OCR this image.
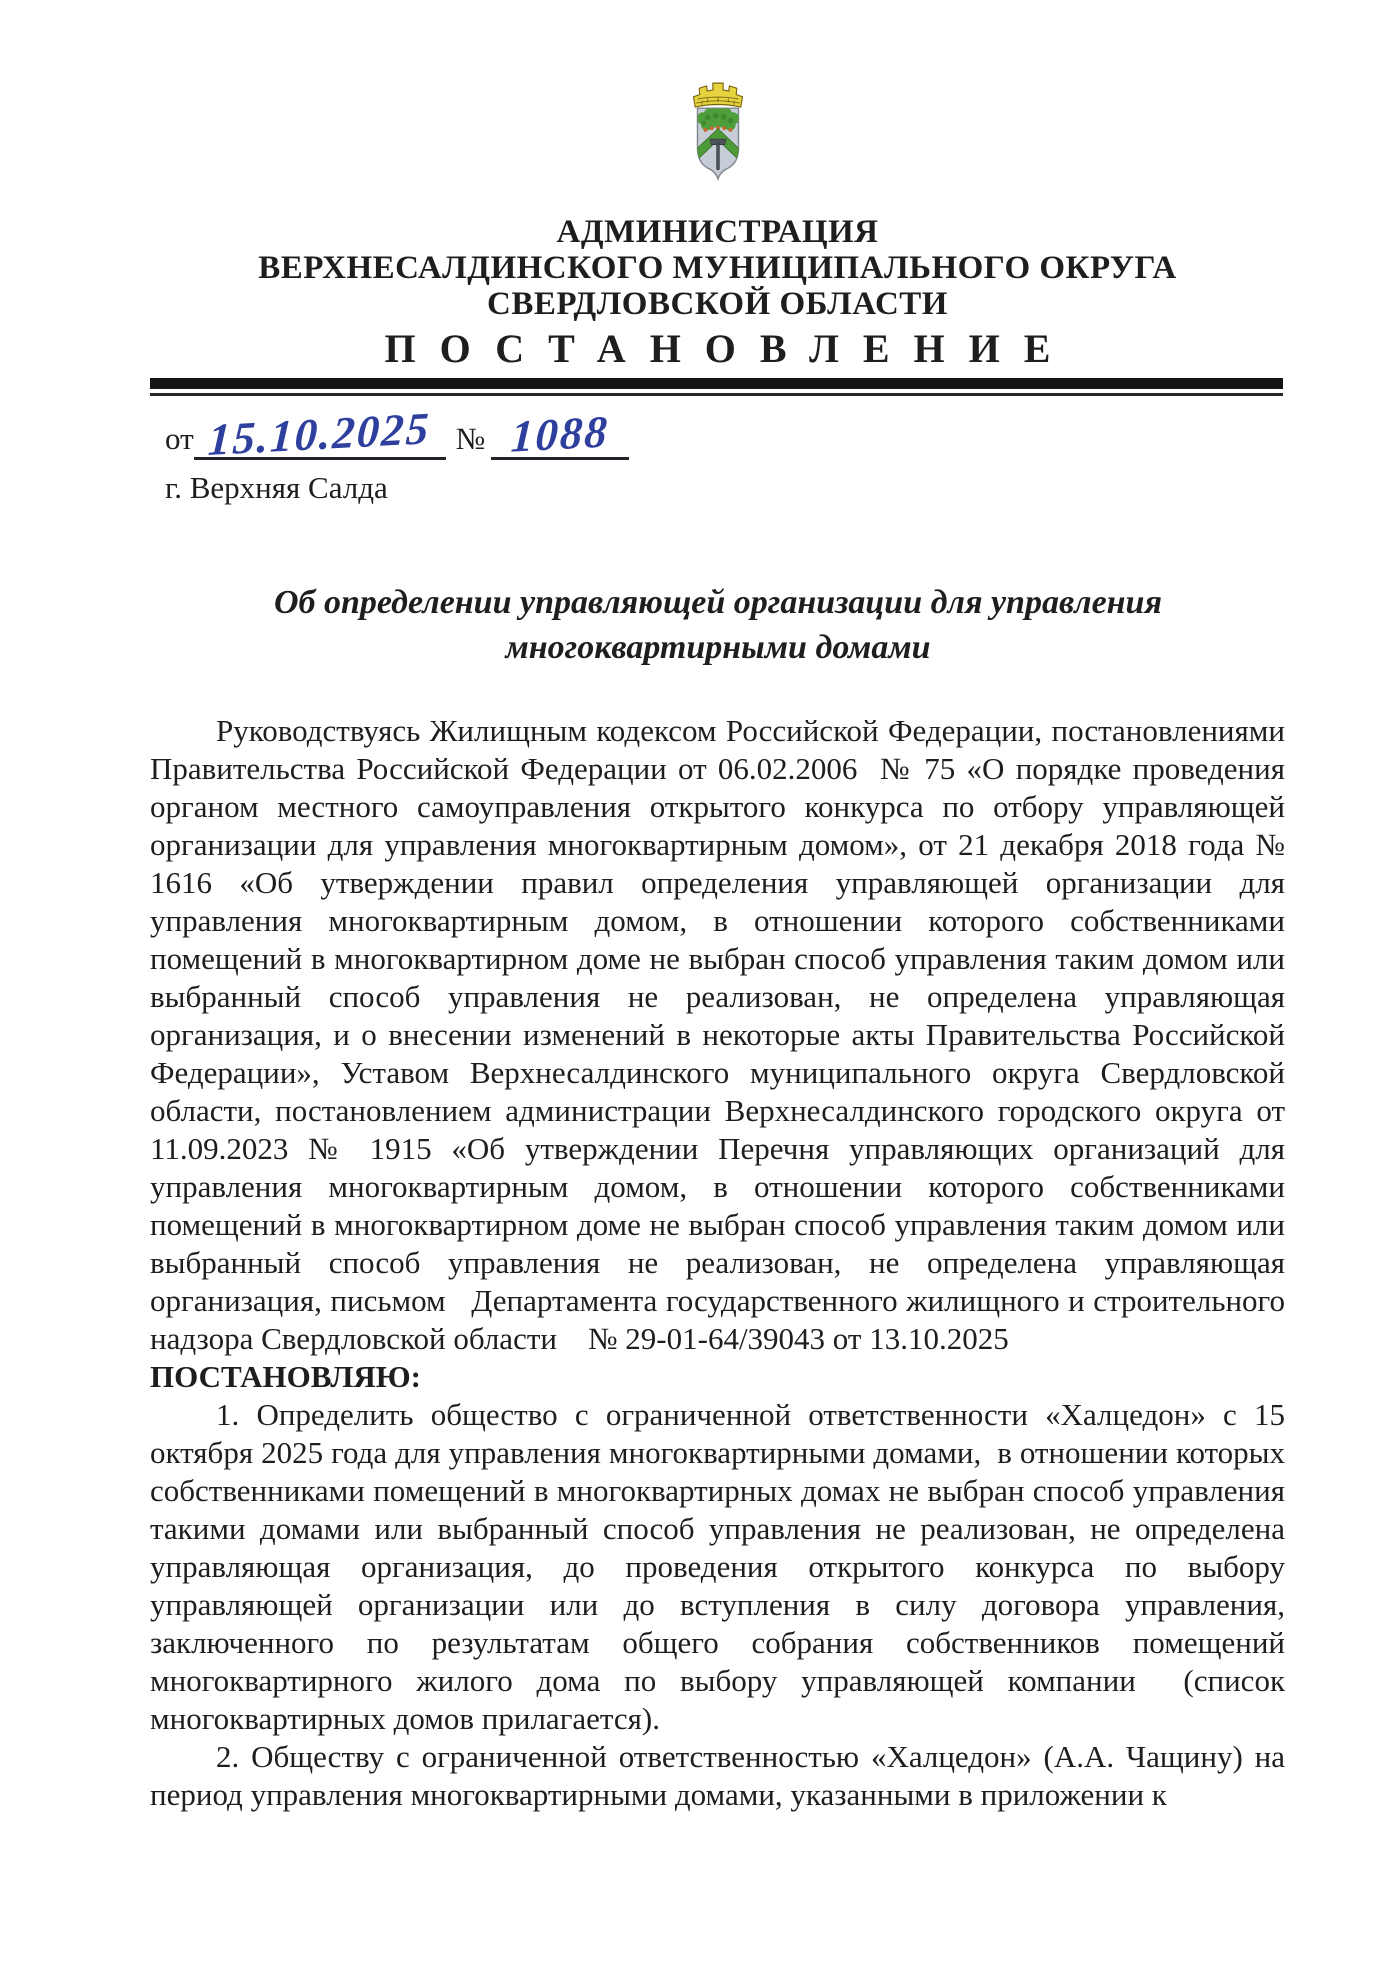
АДМИНИСТРАЦИЯ
ВЕРХНЕСАЛДИНСКОГО МУНИЦИПАЛЬНОГО ОКРУГА
СВЕРДЛОВСКОЙ ОБЛАСТИ
ПОСТАНОВЛЕНИЕ
от 15.10.2025 № 1088
г. Верхняя Салда
Об определении управляющей организации для управления многоквартирными домами

Руководствуясь Жилищным кодексом Российской Федерации, постановлениями Правительства Российской Федерации от 06.02.2006  № 75 «О порядке проведения органом местного самоуправления открытого конкурса по отбору управляющей организации для управления многоквартирным домом», от 21 декабря 2018 года № 1616 «Об утверждении правил определения управляющей организации для управления многоквартирным домом, в отношении которого собственниками помещений в многоквартирном доме не выбран способ управления таким домом или выбранный способ управления не реализован, не определена управляющая организация, и о внесении изменений в некоторые акты Правительства Российской Федерации», Уставом Верхнесалдинского муниципального округа Свердловской области, постановлением администрации Верхнесалдинского городского округа от 11.09.2023 № 1915 «Об утверждении Перечня управляющих организаций для управления многоквартирным домом, в отношении которого собственниками помещений в многоквартирном доме не выбран способ управления таким домом или выбранный способ управления не реализован, не определена управляющая организация, письмом   Департамента государственного жилищного и строительного надзора Свердловской области    № 29-01-64/39043 от 13.10.2025

ПОСТАНОВЛЯЮ:

1. Определить общество с ограниченной ответственности «Халцедон» с 15 октября 2025 года для управления многоквартирными домами,  в отношении которых собственниками помещений в многоквартирных домах не выбран способ управления такими домами или выбранный способ управления не реализован, не определена управляющая организация, до проведения открытого конкурса по выбору управляющей организации или до вступления в силу договора управления, заключенного по результатам общего собрания собственников помещений многоквартирного жилого дома по выбору управляющей компании  (список многоквартирных домов прилагается).

2. Обществу с ограниченной ответственностью «Халцедон» (А.А. Чащину) на период управления многоквартирными домами, указанными в приложении к
